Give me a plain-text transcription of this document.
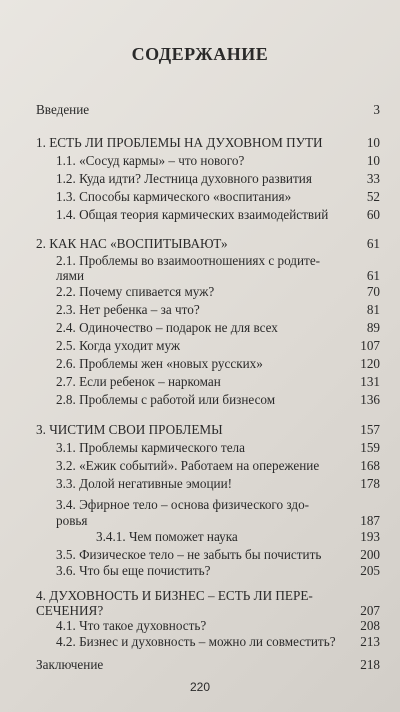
СОДЕРЖАНИЕ
Введение	3
1. ЕСТЬ ЛИ ПРОБЛЕМЫ НА ДУХОВНОМ ПУТИ	10
1.1. «Сосуд кармы» – что нового?	10
1.2. Куда идти? Лестница духовного развития	33
1.3. Способы кармического «воспитания»	52
1.4. Общая теория кармических взаимодействий	60
2. КАК НАС «ВОСПИТЫВАЮТ»	61
2.1. Проблемы во взаимоотношениях с родите-
лями	61
2.2. Почему спивается муж?	70
2.3. Нет ребенка – за что?	81
2.4. Одиночество – подарок не для всех	89
2.5. Когда уходит муж	107
2.6. Проблемы жен «новых русских»	120
2.7. Если ребенок – наркоман	131
2.8. Проблемы с работой или бизнесом	136
3. ЧИСТИМ СВОИ ПРОБЛЕМЫ	157
3.1. Проблемы кармического тела	159
3.2. «Ежик событий». Работаем на опережение	168
3.3. Долой негативные эмоции!	178
3.4. Эфирное тело – основа физического здо-
ровья	187
3.4.1. Чем поможет наука	193
3.5. Физическое тело – не забыть бы почистить	200
3.6. Что бы еще почистить?	205
4. ДУХОВНОСТЬ И БИЗНЕС – ЕСТЬ ЛИ ПЕРЕ-
СЕЧЕНИЯ?	207
4.1. Что такое духовность?	208
4.2. Бизнес и духовность – можно ли совместить? 213
Заключение	218
220
